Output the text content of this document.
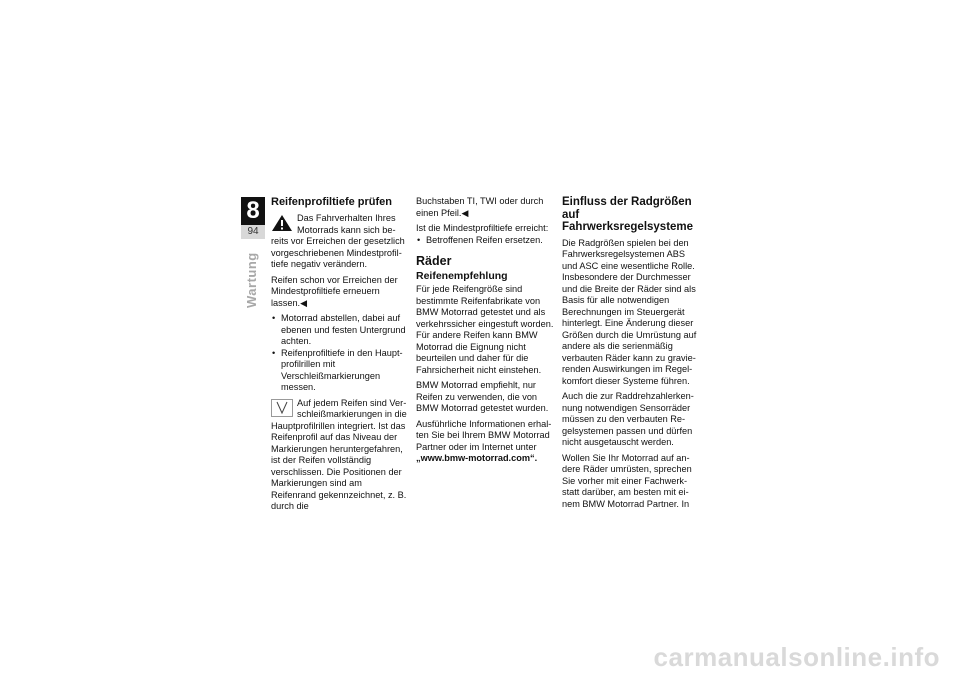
8
94
Wartung
Reifenprofiltiefe prüfen

Das Fahrverhalten Ihres Motorrads kann sich bereits vor Erreichen der gesetzlich vorgeschriebenen Mindestprofiltiefe negativ verändern.

Reifen schon vor Erreichen der Mindestprofiltiefe erneuern lassen.◀

• Motorrad abstellen, dabei auf ebenen und festen Untergrund achten.
• Reifenprofiltiefe in den Hauptprofilrillen mit Verschleißmarkierungen messen.

Auf jedem Reifen sind Verschleißmarkierungen in die Hauptprofilrillen integriert. Ist das Reifenprofil auf das Niveau der Markierungen heruntergefahren, ist der Reifen vollständig verschlissen. Die Positionen der Markierungen sind am Reifenrand gekennzeichnet, z. B. durch die

Buchstaben TI, TWI oder durch einen Pfeil.◀

Ist die Mindestprofiltiefe erreicht:

• Betroffenen Reifen ersetzen.
Räder
Reifenempfehlung

Für jede Reifengröße sind bestimmte Reifenfabrikate von BMW Motorrad getestet und als verkehrssicher eingestuft worden. Für andere Reifen kann BMW Motorrad die Eignung nicht beurteilen und daher für die Fahrsicherheit nicht einstehen.

BMW Motorrad empfiehlt, nur Reifen zu verwenden, die von BMW Motorrad getestet wurden.

Ausführliche Informationen erhalten Sie bei Ihrem BMW Motorrad Partner oder im Internet unter

„www.bmw-motorrad.com“.

Einfluss der Radgrößen auf Fahrwerksregelsysteme

Die Radgrößen spielen bei den Fahrwerksregelsystemen ABS und ASC eine wesentliche Rolle. Insbesondere der Durchmesser und die Breite der Räder sind als Basis für alle notwendigen Berechnungen im Steuergerät hinterlegt. Eine Änderung dieser Größen durch die Umrüstung auf andere als die serienmäßig verbauten Räder kann zu gravierenden Auswirkungen im Regelkomfort dieser Systeme führen.

Auch die zur Raddrehzahlerkennung notwendigen Sensorräder müssen zu den verbauten Regelsystemen passen und dürfen nicht ausgetauscht werden.

Wollen Sie Ihr Motorrad auf andere Räder umrüsten, sprechen Sie vorher mit einer Fachwerkstatt darüber, am besten mit einem BMW Motorrad Partner. In

carmanualsonline.info
